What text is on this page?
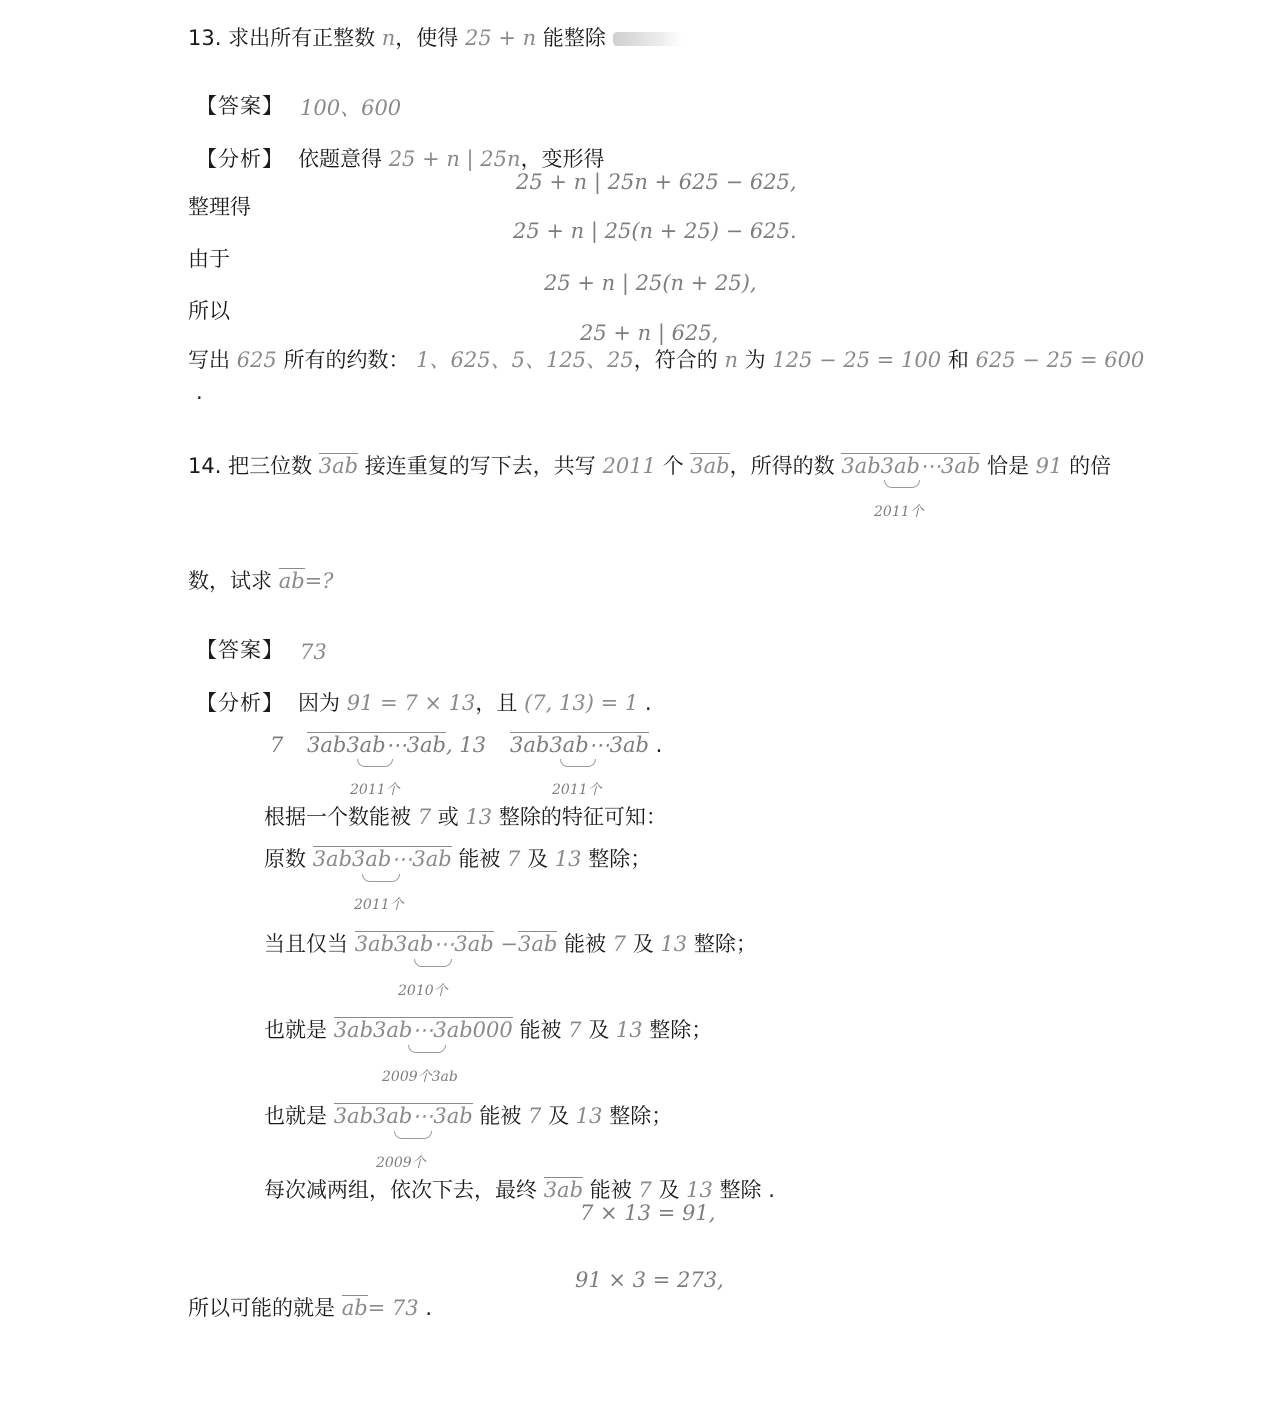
13. 求出所有正整数 n，使得 25 + n 能整除
【答案】 100、600
【分析】 依题意得 25 + n | 25n，变形得
25 + n | 25n + 625 − 625,
整理得
25 + n | 25(n + 25) − 625.
由于
25 + n | 25(n + 25),
所以
25 + n | 625,
写出 625 所有的约数： 1、625、5、125、25，符合的 n 为 125 − 25 = 100 和 625 − 25 = 600
.
14. 把三位数 3ab 接连重复的写下去，共写 2011 个 3ab，所得的数 3ab3ab⋯3ab 恰是 91 的倍
2011个
数，试求 ab=?
【答案】 73
【分析】 因为 91 = 7 × 13，且 (7, 13) = 1 .
7 3ab3ab⋯3ab, 13 3ab3ab⋯3ab .
2011个	2011个
根据一个数能被 7 或 13 整除的特征可知：
原数 3ab3ab⋯3ab 能被 7 及 13 整除；
2011个
当且仅当 3ab3ab⋯3ab −3ab 能被 7 及 13 整除；
2010个
也就是 3ab3ab⋯3ab000 能被 7 及 13 整除；
2009个3ab
也就是 3ab3ab⋯3ab 能被 7 及 13 整除；
2009个
每次减两组，依次下去，最终 3ab 能被 7 及 13 整除 .
7 × 13 = 91,
91 × 3 = 273,
所以可能的就是 ab= 73 .
